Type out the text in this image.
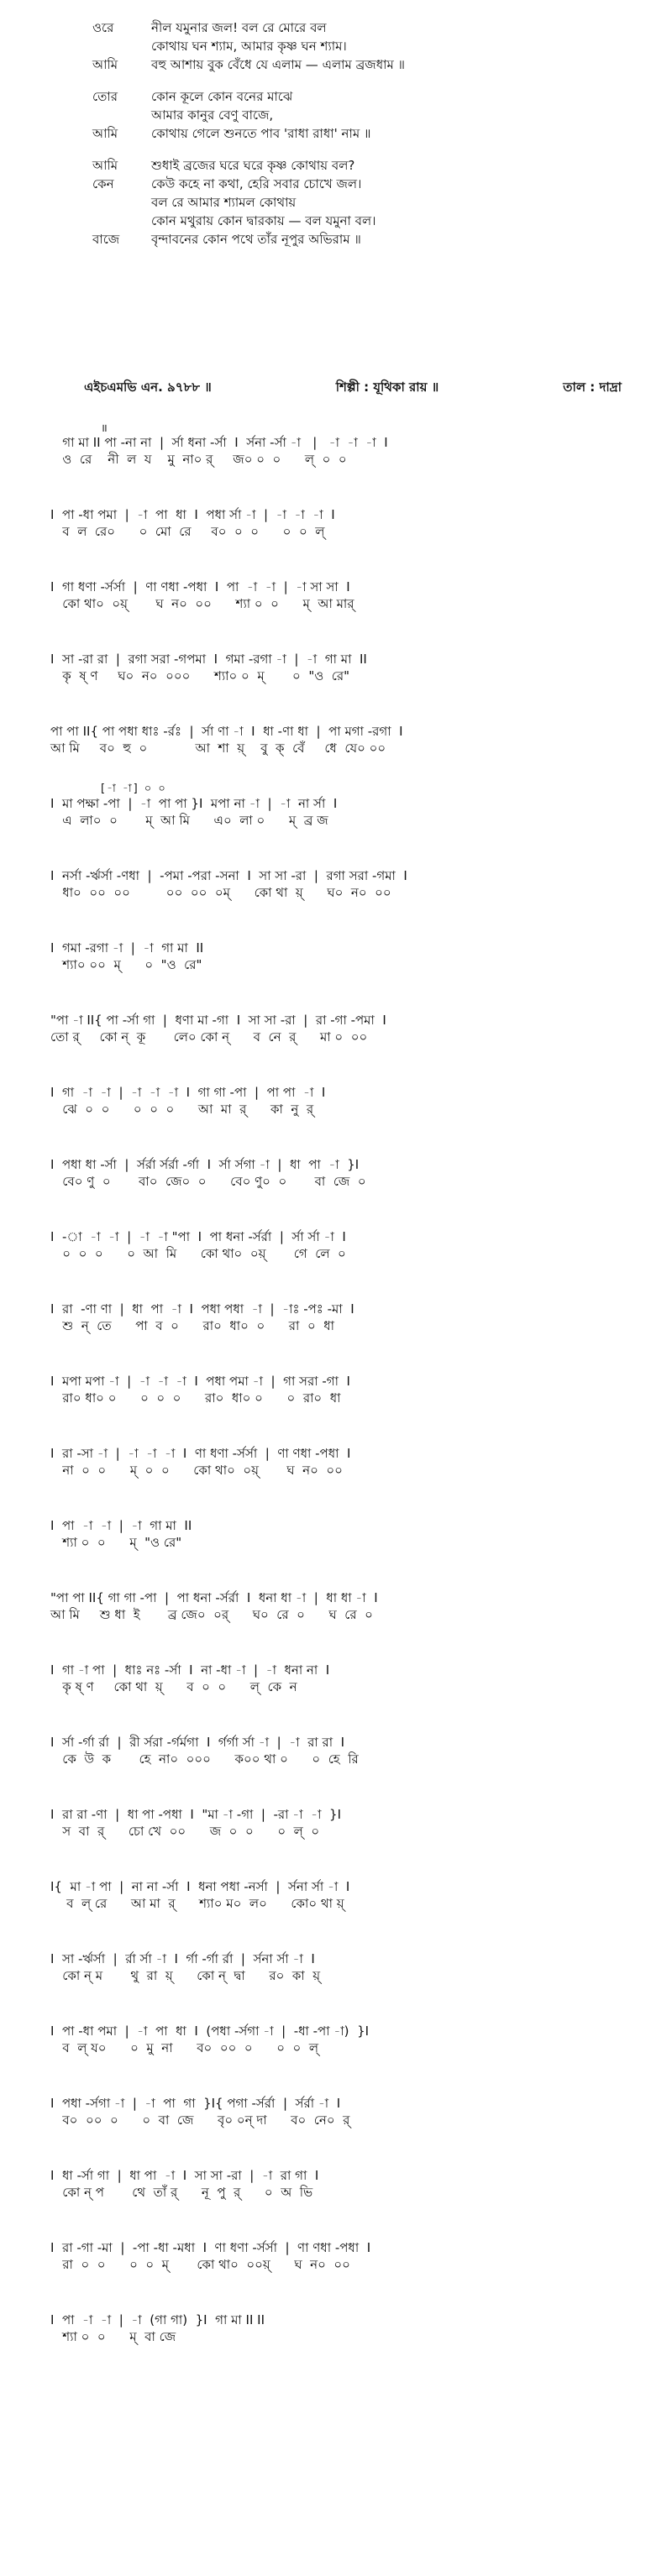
ওরে	নীল যমুনার জল! বল রে মোরে বল
কোথায় ঘন শ্যাম, আমার কৃষ্ণ ঘন শ্যাম।
আমি	বহু আশায় বুক বেঁধে যে এলাম — এলাম ব্রজধাম ॥
তোর	কোন কূলে কোন বনের মাঝে
আমার কানুর বেণু বাজে,
আমি	কোথায় গেলে শুনতে পাব 'রাধা রাধা' নাম ॥
আমি	শুধাই ব্রজের ঘরে ঘরে কৃষ্ণ কোথায় বল?
কেন	কেউ কহে না কথা, হেরি সবার চোখে জল।
বল রে আমার শ্যামল কোথায়
কোন মথুরায় কোন দ্বারকায় — বল যমুনা বল।
বাজে	বৃন্দাবনের কোন পথে তাঁর নূপুর অভিরাম ॥
এইচএমভি এন. ৯৭৮৮ ॥	শিল্পী : যূথিকা রায় ॥	তাল : দাদ্রা
॥
গা মা II পা -না না  |  র্সা ধনা -র্সা  I  র্সনা -র্সা -া   |   -া  -া  -া  I
ও  রে    নী  ল  য    মু  না০ র্     জ০ ০  ০      ল্  ০  ০
I  পা -ধা পমা  |  -া  পা  ধা  I  পধা র্সা -া  |  -া  -া  -া  I
ব  ল  রে০      ০  মো  রে     ব০  ০  ০      ০  ০  ল্
I  গা ধণা -র্সর্সা  |  ণা ণধা -পধা  I  পা  -া  -া  |  -া সা সা  I
কো থা০  ০য়্       ঘ  ন০  ০০      শ্যা ০  ০      ম্  আ মার্
I  সা -রা রা  |  রগা সরা -গপমা  I  গমা -রগা -া  |  -া  গা মা  II
কৃ  ষ্ ণ     ঘ০  ন০  ০০০      শ্যা০ ০  ম্       ০  "ও  রে"
পা পা II{ পা পধা ধাঃ -র্রঃ  |  র্সা ণা -া  I  ধা -ণা ধা  |  পা মগা -রগা  I
আ মি     ব০  হু  ০            আ  শা  য়্    বু  ক্  বেঁ     ধে  যে০ ০০
[-া -া] ০ ০
I  মা পক্ষা -পা  |  -া  পা পা }I  মপা না -া  |  -া  না র্সা  I
এ  লা০  ০       ম্  আ মি      এ০  লা ০      ম্  ব্র জ
I  নর্সা -র্ঋর্সা -ণধা  |  -পমা -পরা -সনা  I  সা সা -রা  |  রগা সরা -গমা  I
ধা০  ০০  ০০         ০০  ০০  ০ম্      কো থা  য়্      ঘ০  ন০  ০০
I  গমা -রগা -া  |  -া  গা মা  II
শ্যা০ ০০  ম্      ০  "ও  রে"
"পা -া II{ পা -র্সা গা  |  ধণা মা -গা  I  সা সা -রা  |  রা -গা -পমা  I
তো র্     কো ন্  কূ       লে০ কো ন্      ব  নে  র্      মা ০  ০০
I  গা  -া  -া  |  -া  -া  -া  I  গা গা -পা  |  পা পা  -া  I
ঝে  ০  ০      ০  ০  ০      আ  মা  র্      কা  নু  র্
I  পধা ধা -র্সা  |  র্সর্রা র্সর্রা -র্গা  I  র্সা র্সগা -া  |  ধা  পা  -া  }I
বে০ ণু  ০       বা০  জে০  ০      বে০ ণু০  ০       বা  জে  ০
I  -া  -া  -া  |  -া  -া "পা  I  পা ধনা -র্সর্রা  |  র্সা র্সা -া  I
০  ০  ০      ০  আ  মি      কো থা০  ০য়্       গে  লে  ০
I  রা  -ণা ণা  |  ধা  পা  -া  I  পধা পধা  -া  |  -াঃ -পঃ -মা  I
শু  ন্  তে      পা  ব  ০      রা০  ধা০  ০      রা  ০  ধা
I  মপা মপা -া  |  -া  -া  -া  I  পধা পমা -া  |  গা সরা -গা  I
রা০ ধা০ ০      ০  ০  ০      রা০  ধা০ ০      ০  রা০  ধা
I  রা -সা -া  |  -া  -া  -া  I  ণা ধণা -র্সর্সা  |  ণা ণধা -পধা  I
না  ০  ০      ম্  ০  ০      কো থা০  ০য়্       ঘ  ন০  ০০
I  পা  -া  -া  |  -া  গা মা  II
শ্যা ০  ০      ম্  "ও রে"
"পা পা II{ গা গা -পা  |  পা ধনা -র্সর্রা  I  ধনা ধা -া  |  ধা ধা -া  I
আ মি     শু ধা  ই       ব্র জে০  ০র্      ঘ০  রে  ০      ঘ  রে  ০
I  গা -া পা  |  ধাঃ নঃ -র্সা  I  না -ধা -া  |  -া  ধনা না  I
কৃ ষ্ ণ     কো থা  য়্      ব  ০  ০      ল্  কে  ন
I  র্সা -র্গা র্রা  |  রী র্সরা -র্গর্মগা  I  র্গর্গা র্সা -া  |  -া  রা রা  I
কে  উ  ক       হে  না০  ০০০      ক০০ থা ০      ০  হে  রি
I  রা রা -ণা  |  ধা পা -পধা  I  "মা -া -গা  |  -রা -া  -া  }I
স  বা  র্      চো খে  ০০      জ  ০  ০      ০  ল্  ০
I{  মা -া পা  |  না না -র্সা  I  ধনা পধা -নর্সা  |  র্সনা র্সা -া  I
ব  ল্ রে      আ মা  র্      শ্যা০ ম০  ল০      কো০ থা য়্
I  সা -র্ঋর্সা  |  র্রা র্সা -া  I  র্গা -র্গা র্রা  |  র্সনা র্সা -া  I
কো ন্ ম       থু  রা  য়্      কো ন্  দ্বা      র০  কা  য়্
I  পা -ধা পমা  |  -া  পা  ধা  I  (পধা -র্সগা -া  |  -ধা -পা -া)  }I
ব  ল্ য০      ০  মু  না      ব০  ০০  ০      ০  ০  ল্
I  পধা -র্সগা -া  |  -া  পা  গা  }I{ পগা -র্সর্রা  |  র্সর্রা -া  I
ব০  ০০  ০      ০  বা  জে      বৃ০ ০ন্ দা      ব০  নে০  র্
I  ধা -র্সা গা  |  ধা পা  -া  I  সা সা -রা  |  -া  রা গা  I
কো ন্ প       থে  তাঁ র্      নূ  পু  র্      ০  অ  ভি
I  রা -গা -মা  |  -পা -ধা -মধা  I  ণা ধণা -র্সর্সা  |  ণা ণধা -পধা  I
রা  ০  ০      ০  ০  ম্       কো থা০  ০০য়্      ঘ  ন০  ০০
I  পা  -া  -া  |  -া  (গা গা)  }I  গা মা II II
শ্যা ০  ০      ম্  বা জে
